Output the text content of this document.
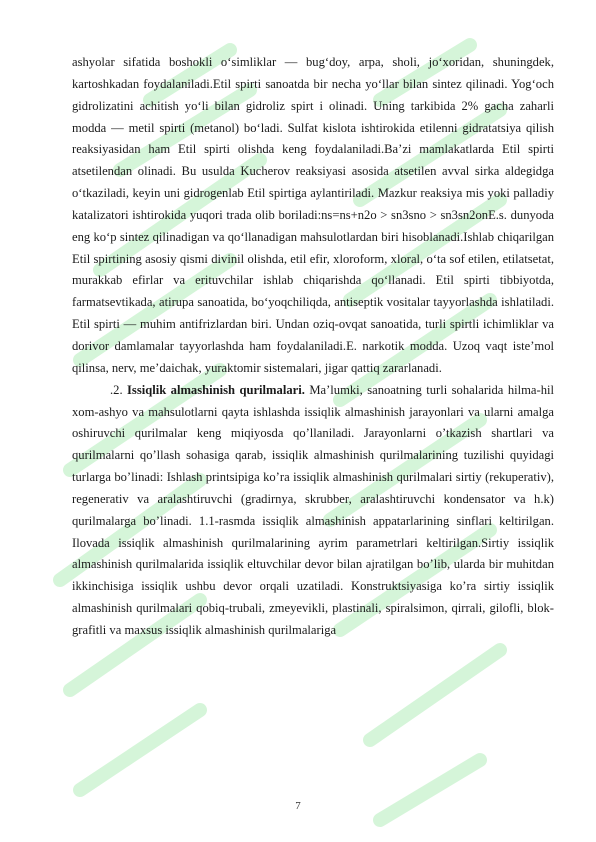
ashyolar sifatida boshokli o‘simliklar — bug‘doy, arpa, sholi, jo‘xoridan, shuningdek, kartoshkadan foydalaniladi.Etil spirti sanoatda bir necha yo‘llar bilan sintez qilinadi. Yog‘och gidrolizatini achitish yo‘li bilan gidroliz spirt i olinadi. Uning tarkibida 2% gacha zaharli modda — metil spirti (metanol) bo‘ladi. Sulfat kislota ishtirokida etilenni gidratatsiya qilish reaksiyasidan ham Etil spirti olishda keng foydalaniladi.Ba’zi mamlakatlarda Etil spirti atsetilendan olinadi. Bu usulda Kucherov reaksiyasi asosida atsetilen avval sirka aldegidga o‘tkaziladi, keyin uni gidrogenlab Etil spirtiga aylantiriladi. Mazkur reaksiya mis yoki palladiy katalizatori ishtirokida yuqori trada olib boriladi:ns=ns+n2o > sn3sno > sn3sn2onE.s. dunyoda eng ko‘p sintez qilinadigan va qo‘llanadigan mahsulotlardan biri hisoblanadi.Ishlab chiqarilgan Etil spirtining asosiy qismi divinil olishda, etil efir, xloroform, xloral, o‘ta sof etilen, etilatsetat, murakkab efirlar va erituvchilar ishlab chiqarishda qo‘llanadi. Etil spirti tibbiyotda, farmatsevtikada, atirupa sanoatida, bo‘yoqchiliqda, antiseptik vositalar tayyorlashda ishlatiladi. Etil spirti — muhim antifrizlardan biri. Undan oziq-ovqat sanoatida, turli spirtli ichimliklar va dorivor damlamalar tayyorlashda ham foydalaniladi.E. narkotik modda. Uzoq vaqt iste’mol qilinsa, nerv, me’daichak, yuraktomir sistemalari, jigar qattiq zararlanadi.

.2. Issiqlik almashinish qurilmalari. Ma’lumki, sanoatning turli sohalarida hilma-hil xom-ashyo va mahsulotlarni qayta ishlashda issiqlik almashinish jarayonlari va ularni amalga oshiruvchi qurilmalar keng miqiyosda qo’llaniladi. Jarayonlarni o’tkazish shartlari va qurilmalarni qo’llash sohasiga qarab, issiqlik almashinish qurilmalarining tuzilishi quyidagi turlarga bo’linadi: Ishlash printsipiga ko’ra issiqlik almashinish qurilmalari sirtiy (rekuperativ), regenerativ va aralashtiruvchi (gradirnya, skrubber, aralashtiruvchi kondensator va h.k) qurilmalarga bo’linadi. 1.1-rasmda issiqlik almashinish appatarlarining sinflari keltirilgan. Ilovada issiqlik almashinish qurilmalarining ayrim parametrlari keltirilgan.Sirtiy issiqlik almashinish qurilmalarida issiqlik eltuvchilar devor bilan ajratilgan bo’lib, ularda bir muhitdan ikkinchisiga issiqlik ushbu devor orqali uzatiladi. Konstruktsiyasiga ko’ra sirtiy issiqlik almashinish qurilmalari qobiq-trubali, zmeyevikli, plastinali, spiralsimon, qirrali, gilofli, blok-grafitli va maxsus issiqlik almashinish qurilmalariga

7
